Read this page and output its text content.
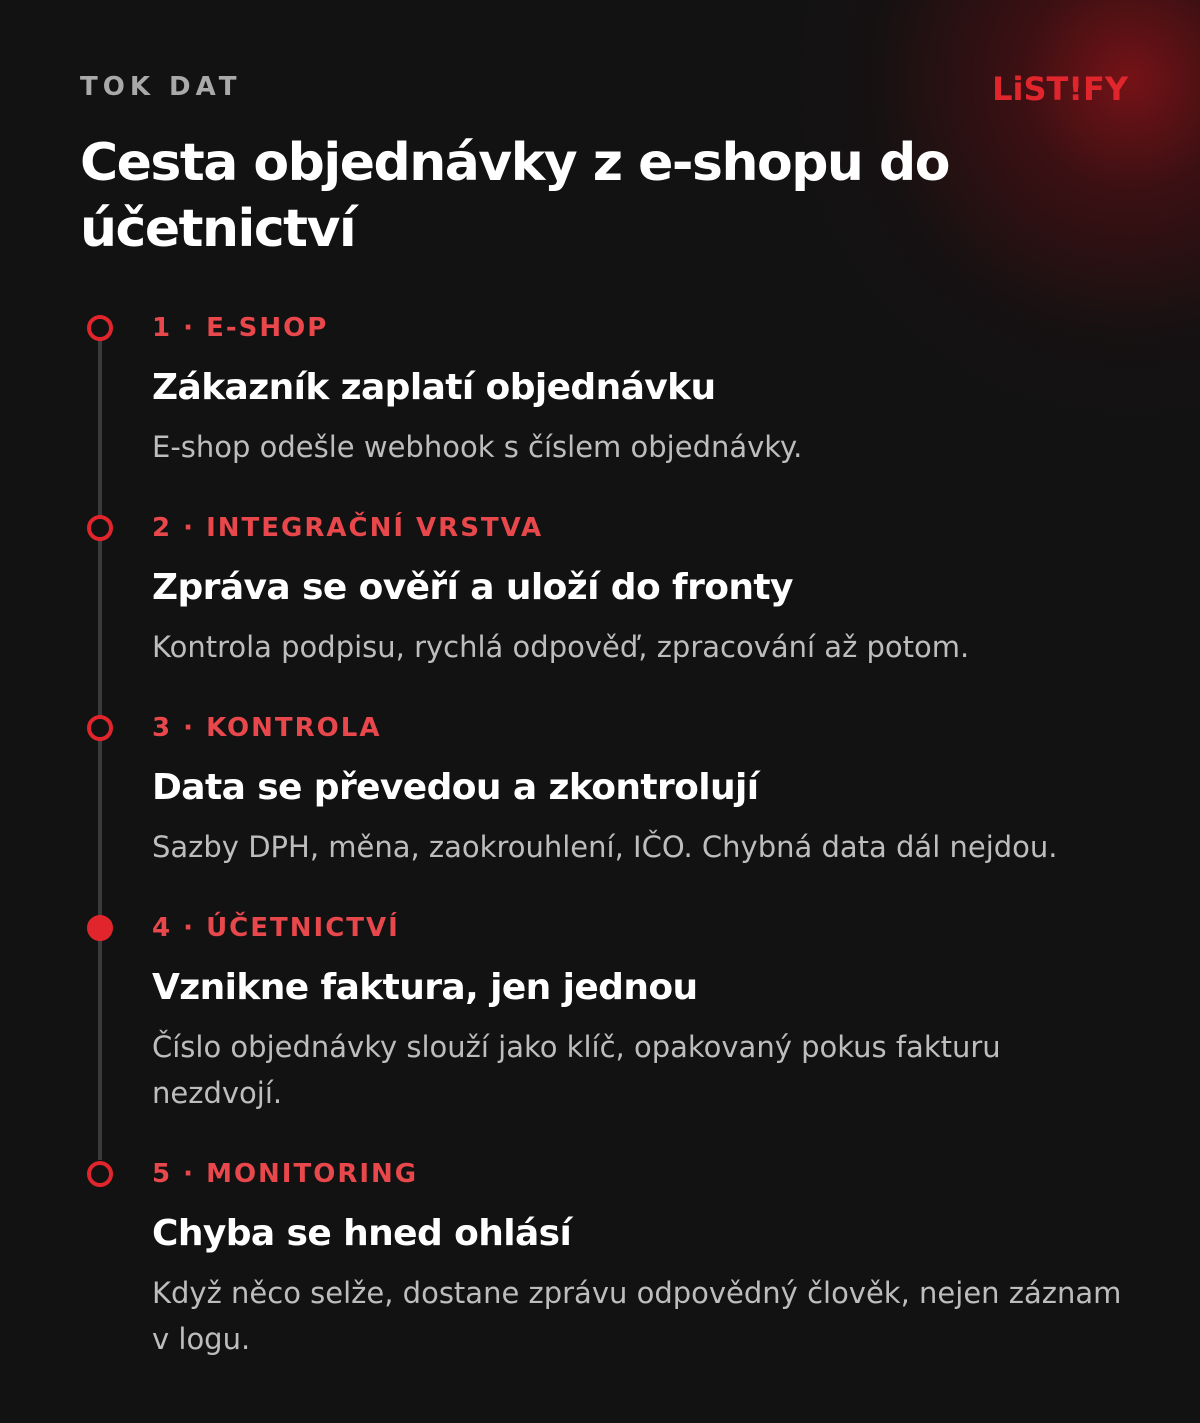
TOK DAT	LiST!FY
Cesta objednávky z e-shopu do účetnictví
1 · E-SHOP
Zákazník zaplatí objednávku
E-shop odešle webhook s číslem objednávky.
2 · INTEGRAČNÍ VRSTVA
Zpráva se ověří a uloží do fronty
Kontrola podpisu, rychlá odpověď, zpracování až potom.
3 · KONTROLA
Data se převedou a zkontrolují
Sazby DPH, měna, zaokrouhlení, IČO. Chybná data dál nejdou.
4 · ÚČETNICTVÍ
Vznikne faktura, jen jednou
Číslo objednávky slouží jako klíč, opakovaný pokus fakturu nezdvojí.
5 · MONITORING
Chyba se hned ohlásí
Když něco selže, dostane zprávu odpovědný člověk, nejen záznam v logu.
